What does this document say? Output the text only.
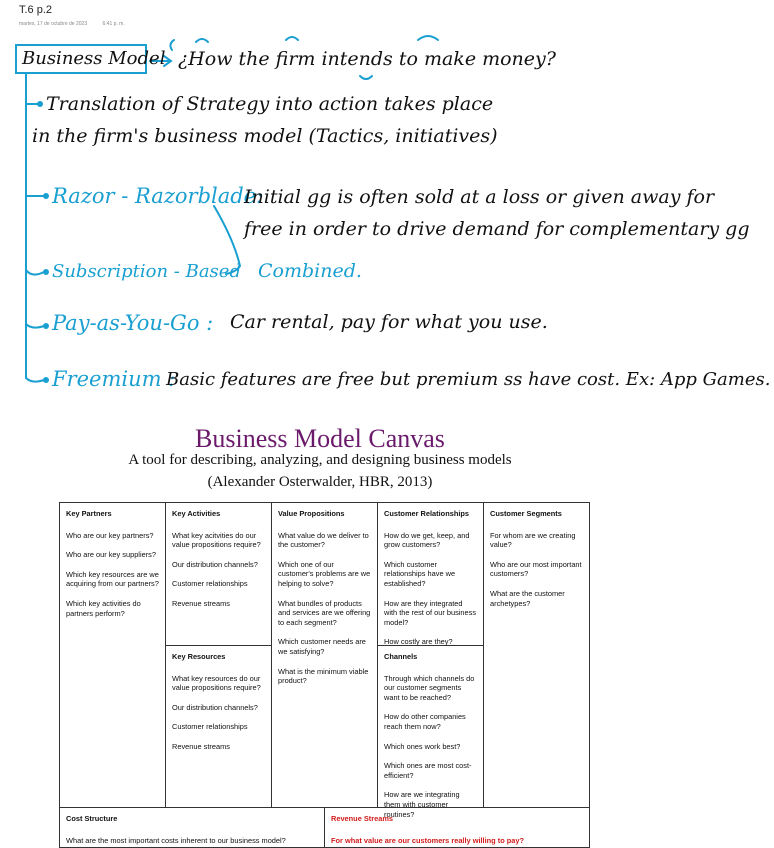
T.6 p.2
martes, 17 de octubre de 2023	6:41 p. m.
Business Model ¿How the firm intends to make money?
Translation of Strategy into action takes place
in the firm's business model (Tactics, initiatives)
Razor - Razorblade:
Initial gg is often sold at a loss or given away for
free in order to drive demand for complementary gg
Subscription - Based Combined.
Pay-as-You-Go : Car rental, pay for what you use.
Freemium :
Basic features are free but premium ss have cost. Ex: App Games.
Business Model Canvas
A tool for describing, analyzing, and designing business models
(Alexander Osterwalder, HBR, 2013)
Key Partners

Who are our key partners?

Who are our key suppliers?

Which key resources are we acquiring from our partners?

Which key activities do partners perform?

Key Activities

What key acitvities do our value propositions require?

Our distribution channels?

Customer relationships

Revenue streams

Key Resources

What key resources do our value propositions require?

Our distribution channels?

Customer relationships

Revenue streams

Value Propositions

What value do we deliver to the customer?

Which one of our customer's problems are we helping to solve?

What bundles of products and services are we offering to each segment?

Which customer needs are we satisfying?

What is the minimum viable product?

Customer Relationships

How do we get, keep, and grow customers?

Which customer relationships have we established?

How are they integrated with the rest of our business model?

How costly are they?

Channels

Through which channels do our customer segments want to be reached?

How do other companies reach them now?

Which ones work best?

Which ones are most cost-efficient?

How are we integrating them with customer routines?

Customer Segments

For whom are we creating value?

Who are our most important customers?

What are the customer archetypes?

Cost Structure

What are the most important costs inherent to our business model?

Revenue Streams

For what value are our customers really willing to pay?
